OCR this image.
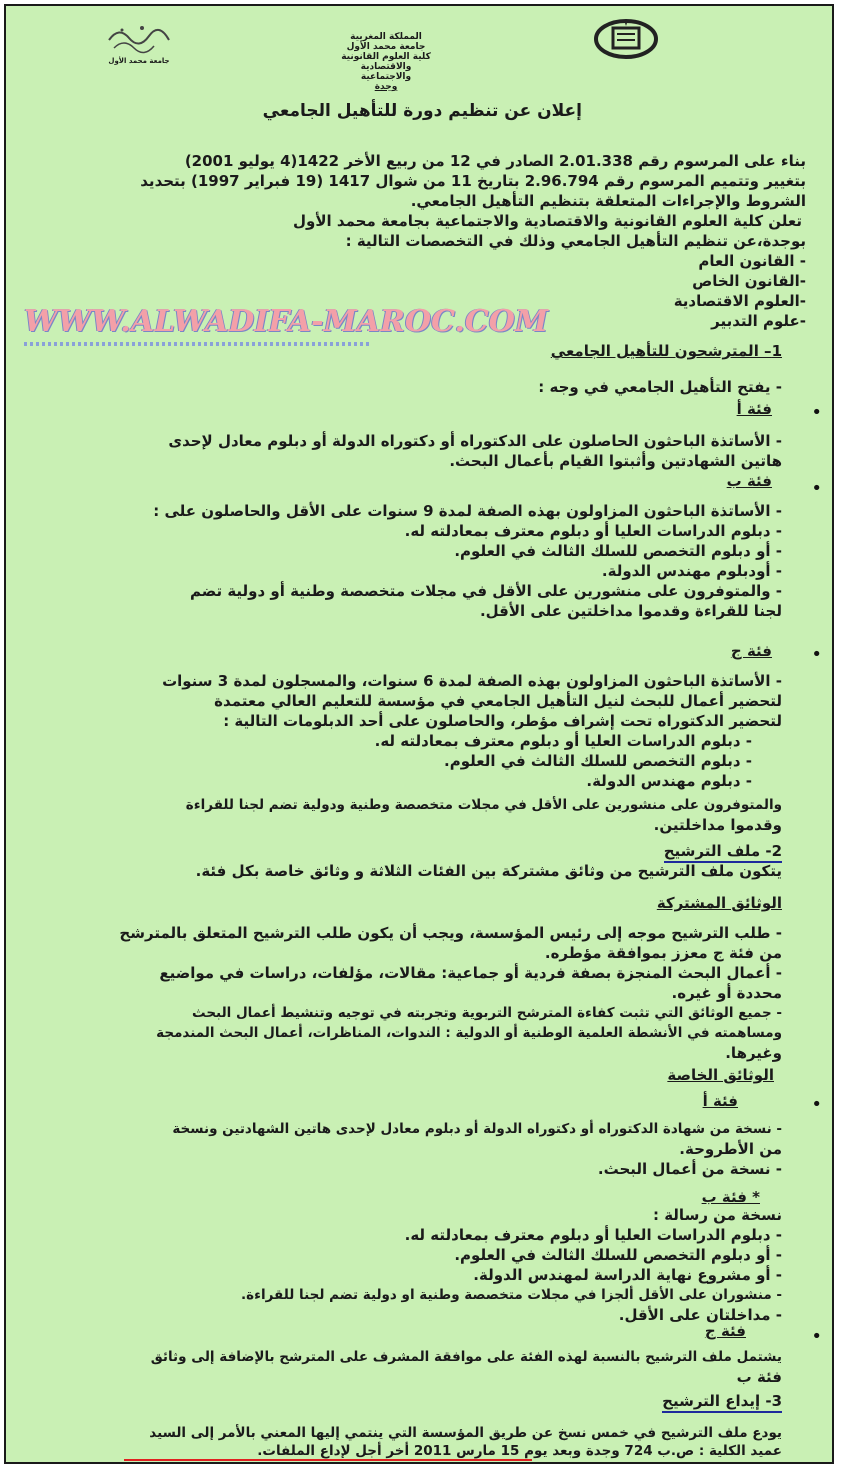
المملكة المغربية
جامعة محمد الأول
كلية العلوم القانونية
والاقتصادية والاجتماعية
وجدة
جامعة محمد الأول
إعلان عن تنظيم دورة للتأهيل الجامعي
بناء على المرسوم رقم 2.01.338 الصادر في 12 من ربيع الأخر 1422(4 يوليو 2001)
بتغيير وتتميم المرسوم رقم 2.96.794 بتاريخ 11 من شوال 1417 (19 فبراير 1997) بتحديد
الشروط والإجراءات المتعلقة بتنظيم التأهيل الجامعي.
تعلن كلية العلوم القانونية والاقتصادية والاجتماعية بجامعة محمد الأول
بوجدة،عن تنظيم التأهيل الجامعي وذلك في التخصصات التالية :
- القانون العام
-القانون الخاص
-العلوم الاقتصادية
-علوم التدبير
WWW.ALWADIFA-MAROC.COM
1– المترشحون للتأهيل الجامعي
- يفتح التأهيل الجامعي في وجه :
•
فئة أ
- الأساتذة الباحثون الحاصلون على الدكتوراه أو دكتوراه الدولة أو دبلوم معادل لإحدى
هاتين الشهادتين وأثبتوا القيام بأعمال البحث.
•
فئة ب
- الأساتذة الباحثون المزاولون بهذه الصفة لمدة 9 سنوات على الأقل والحاصلون على :
- دبلوم الدراسات العليا أو دبلوم معترف بمعادلته له.
- أو دبلوم التخصص للسلك الثالث في العلوم.
- أودبلوم مهندس الدولة.
- والمتوفرون على منشورين على الأقل في مجلات متخصصة وطنية أو دولية تضم
لجنا للقراءة وقدموا مداخلتين على الأقل.
•
فئة ج
- الأساتذة الباحثون المزاولون بهذه الصفة لمدة 6 سنوات، والمسجلون لمدة 3 سنوات
لتحضير أعمال للبحث لنيل التأهيل الجامعي في مؤسسة للتعليم العالي معتمدة
لتحضير الدكتوراه تحت إشراف مؤطر، والحاصلون على أحد الدبلومات التالية :
- دبلوم الدراسات العليا أو دبلوم معترف بمعادلته له.
- دبلوم التخصص للسلك الثالث في العلوم.
- دبلوم مهندس الدولة.
والمتوفرون على منشورين على الأقل في مجلات متخصصة وطنية ودولية تضم لجنا للقراءة
وقدموا مداخلتين.
2- ملف الترشيح
يتكون ملف الترشيح من وثائق مشتركة بين الفئات الثلاثة و وثائق خاصة بكل فئة.
الوثائق المشتركة
- طلب الترشيح موجه إلى رئيس المؤسسة، ويجب أن يكون طلب الترشيح المتعلق بالمترشح
من فئة ج معزز بموافقة مؤطره.
- أعمال البحث المنجزة بصفة فردية أو جماعية: مقالات، مؤلفات، دراسات في مواضيع
محددة أو غيره.
- جميع الوثائق التي تثبت كفاءة المترشح التربوية وتجربته في توجيه وتنشيط أعمال البحث
ومساهمته في الأنشطة العلمية الوطنية أو الدولية : الندوات، المناظرات، أعمال البحث المندمجة
وغيرها.
الوثائق الخاصة
•
فئة أ
- نسخة من شهادة الدكتوراه أو دكتوراه الدولة أو دبلوم معادل لإحدى هاتين الشهادتين ونسخة
من الأطروحة.
- نسخة من أعمال البحث.
* فئة ب
نسخة من رسالة :
- دبلوم الدراسات العليا أو دبلوم معترف بمعادلته له.
- أو دبلوم التخصص للسلك الثالث في العلوم.
- أو مشروع نهاية الدراسة لمهندس الدولة.
- منشوران على الأقل ألجزا في مجلات متخصصة وطنية او دولية تضم لجنا للقراءة.
- مداخلتان على الأقل.
•
فئة ج
يشتمل ملف الترشيح بالنسبة لهذه الفئة على موافقة المشرف على المترشح بالإضافة إلى وثائق
فئة ب
3- إيداع الترشيح
يودع ملف الترشيح في خمس نسخ عن طريق المؤسسة التي ينتمي إليها المعني بالأمر إلى السيد
عميد الكلية : ص.ب 724 وجدة وبعد يوم 15 مارس 2011 أخر أجل لإداع الملفات.
